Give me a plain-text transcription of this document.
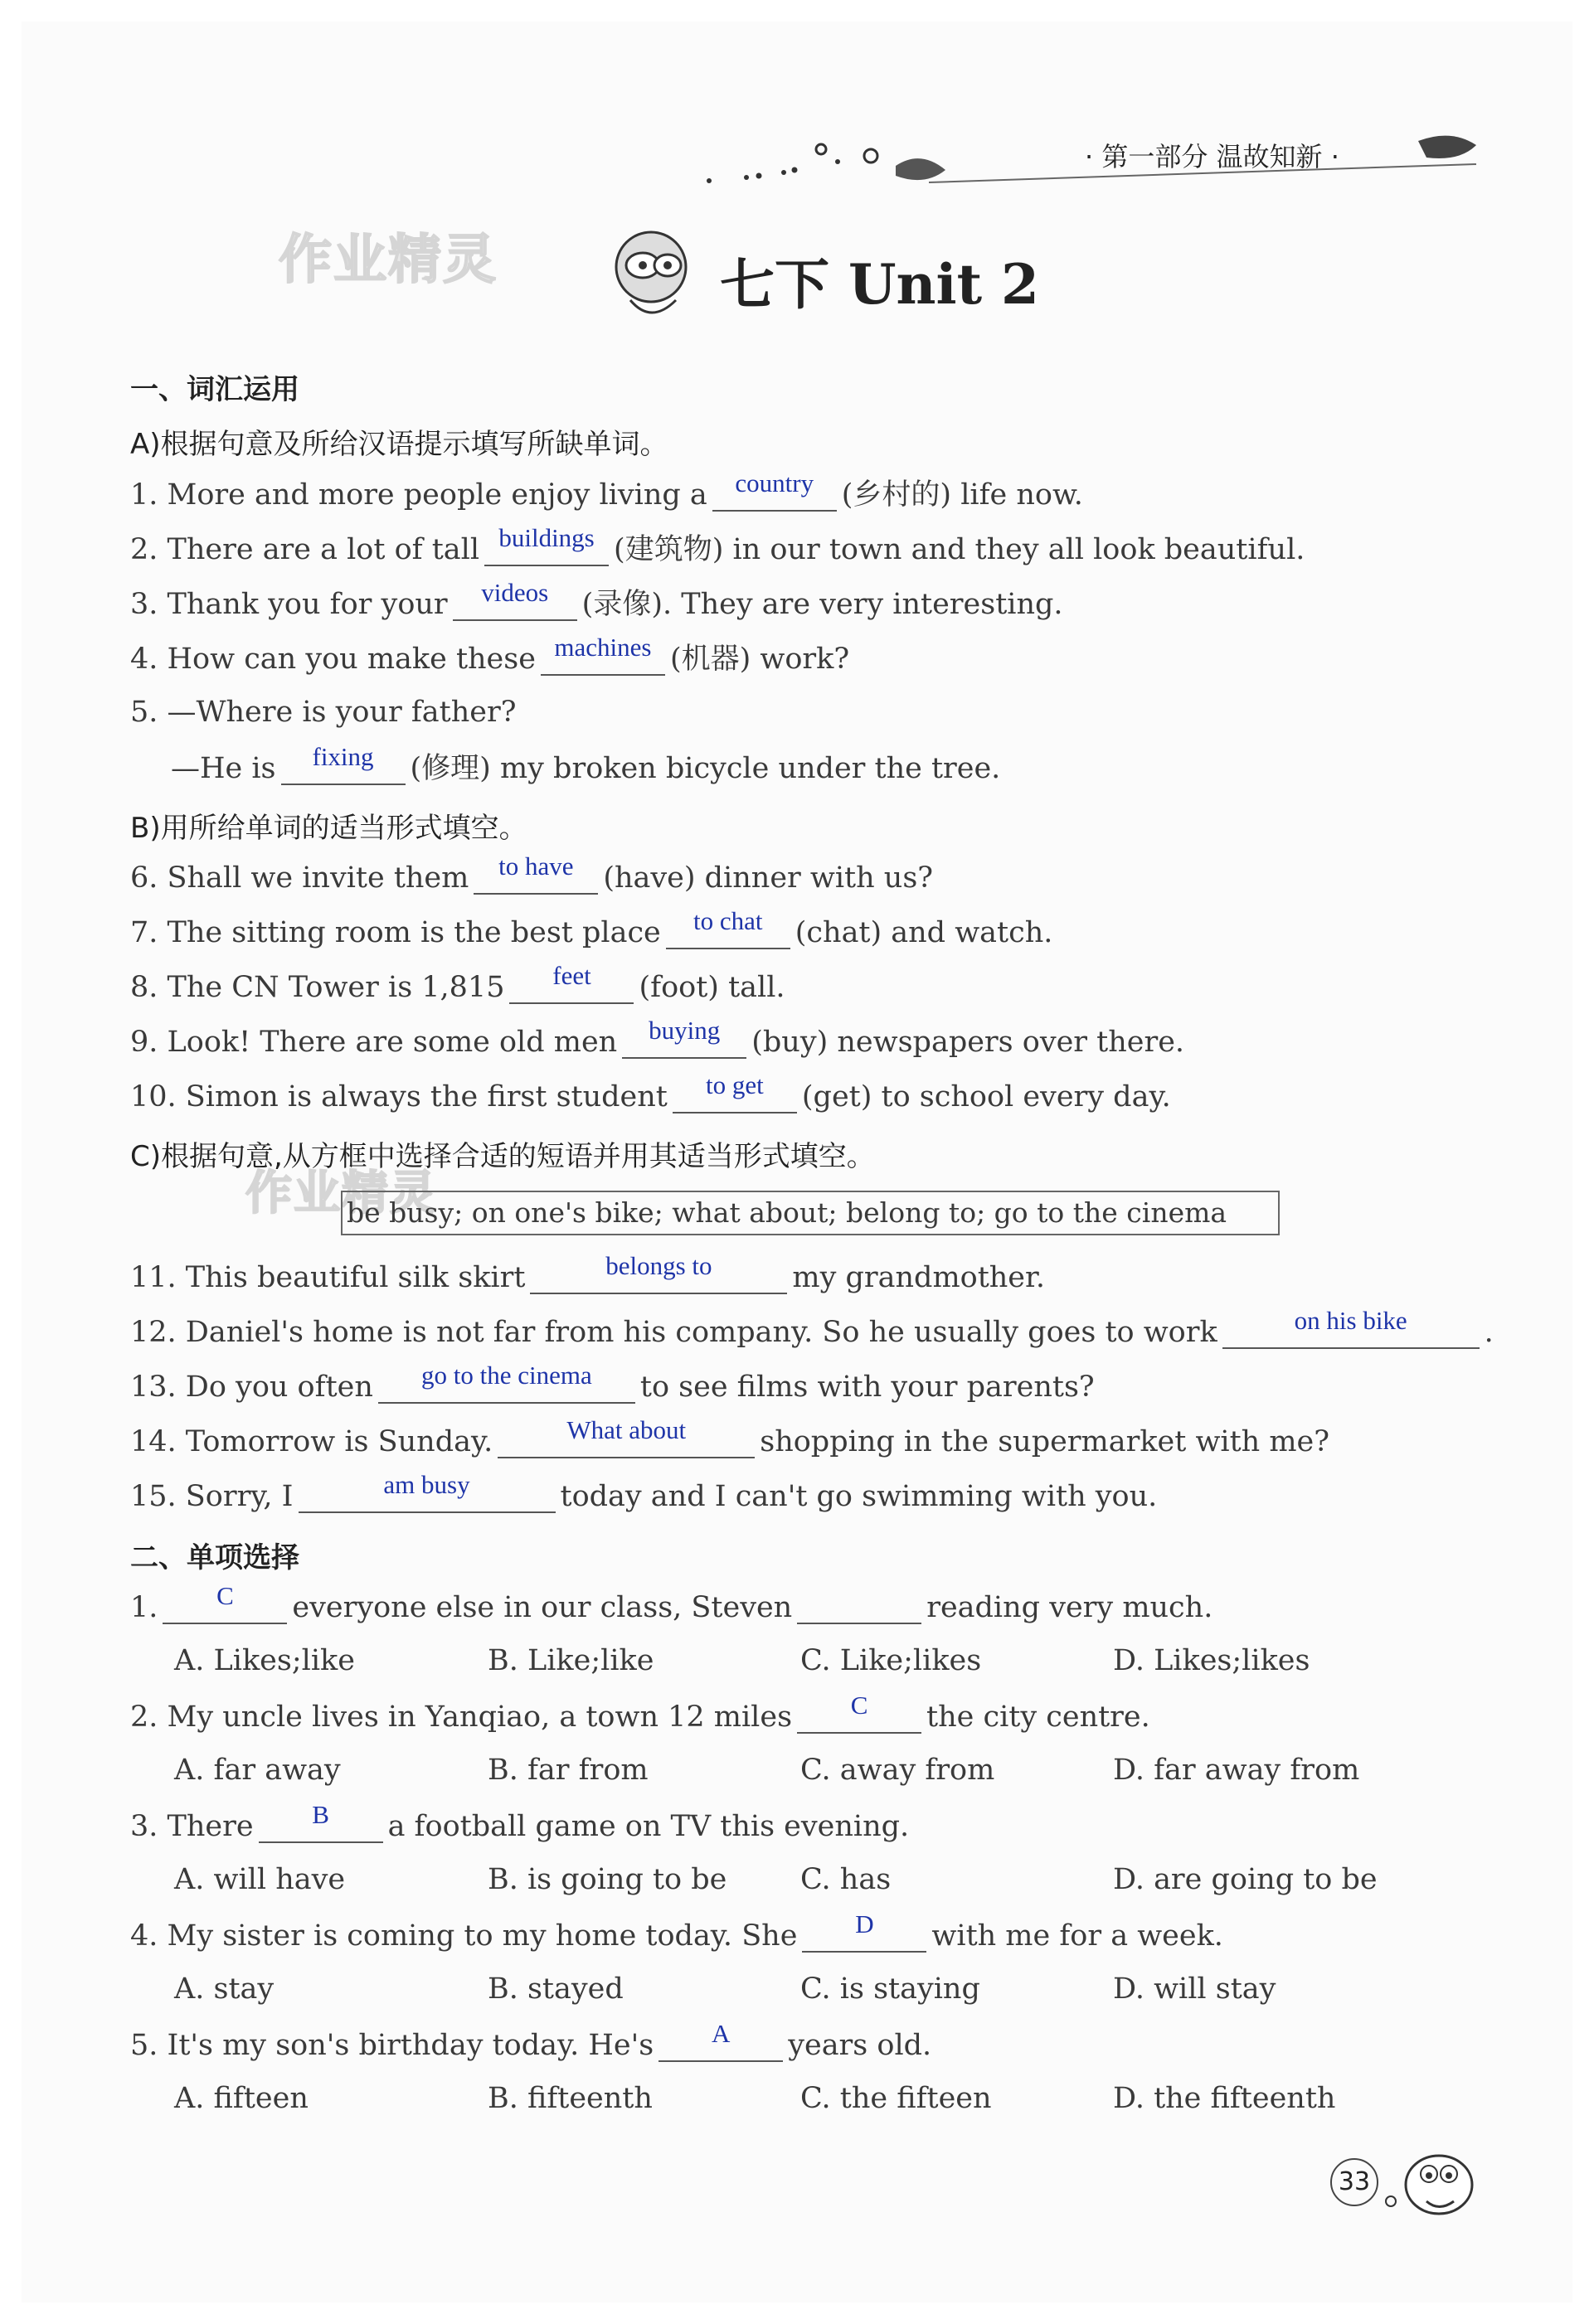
· 第一部分 温故知新 ·
作业精灵
作业精灵
七下 Unit 2
一、词汇运用
A)根据句意及所给汉语提示填写所缺单词。
1. More and more people enjoy living a	country (乡村的) life now.
2. There are a lot of tall buildings (建筑物) in our town and they all look beautiful.
3. Thank you for your	videos	(录像). They are very interesting.
4. How can you make these machines (机器) work?
5. —Where is your father?
—He is	fixing	(修理) my broken bicycle under the tree.
B)用所给单词的适当形式填空。
6. Shall we invite them	to have	(have) dinner with us?
7. The sitting room is the best place	to chat	(chat) and watch.
8. The CN Tower is 1,815	feet	(foot) tall.
9. Look! There are some old men	buying	(buy) newspapers over there.
10. Simon is always the first student	to get	(get) to school every day.
C)根据句意,从方框中选择合适的短语并用其适当形式填空。
be busy; on one's bike; what about; belong to; go to the cinema
11. This beautiful silk skirt	belongs to	my grandmother.
12. Daniel's home is not far from his company. So he usually goes to work	on his bike	.
13. Do you often	go to the cinema	to see films with your parents?
14. Tomorrow is Sunday.	What about	shopping in the supermarket with me?
15. Sorry, I	am busy	today and I can't go swimming with you.
二、单项选择
1.	C	everyone else in our class, Steven	reading very much.
A. Likes;like	B. Like;like	C. Like;likes	D. Likes;likes
2. My uncle lives in Yanqiao, a town 12 miles	C	the city centre.
A. far away	B. far from	C. away from	D. far away from
3. There	B	a football game on TV this evening.
A. will have	B. is going to be	C. has	D. are going to be
4. My sister is coming to my home today. She	D	with me for a week.
A. stay	B. stayed	C. is staying	D. will stay
5. It's my son's birthday today. He's	A	years old.
A. fifteen	B. fifteenth	C. the fifteen	D. the fifteenth
33
